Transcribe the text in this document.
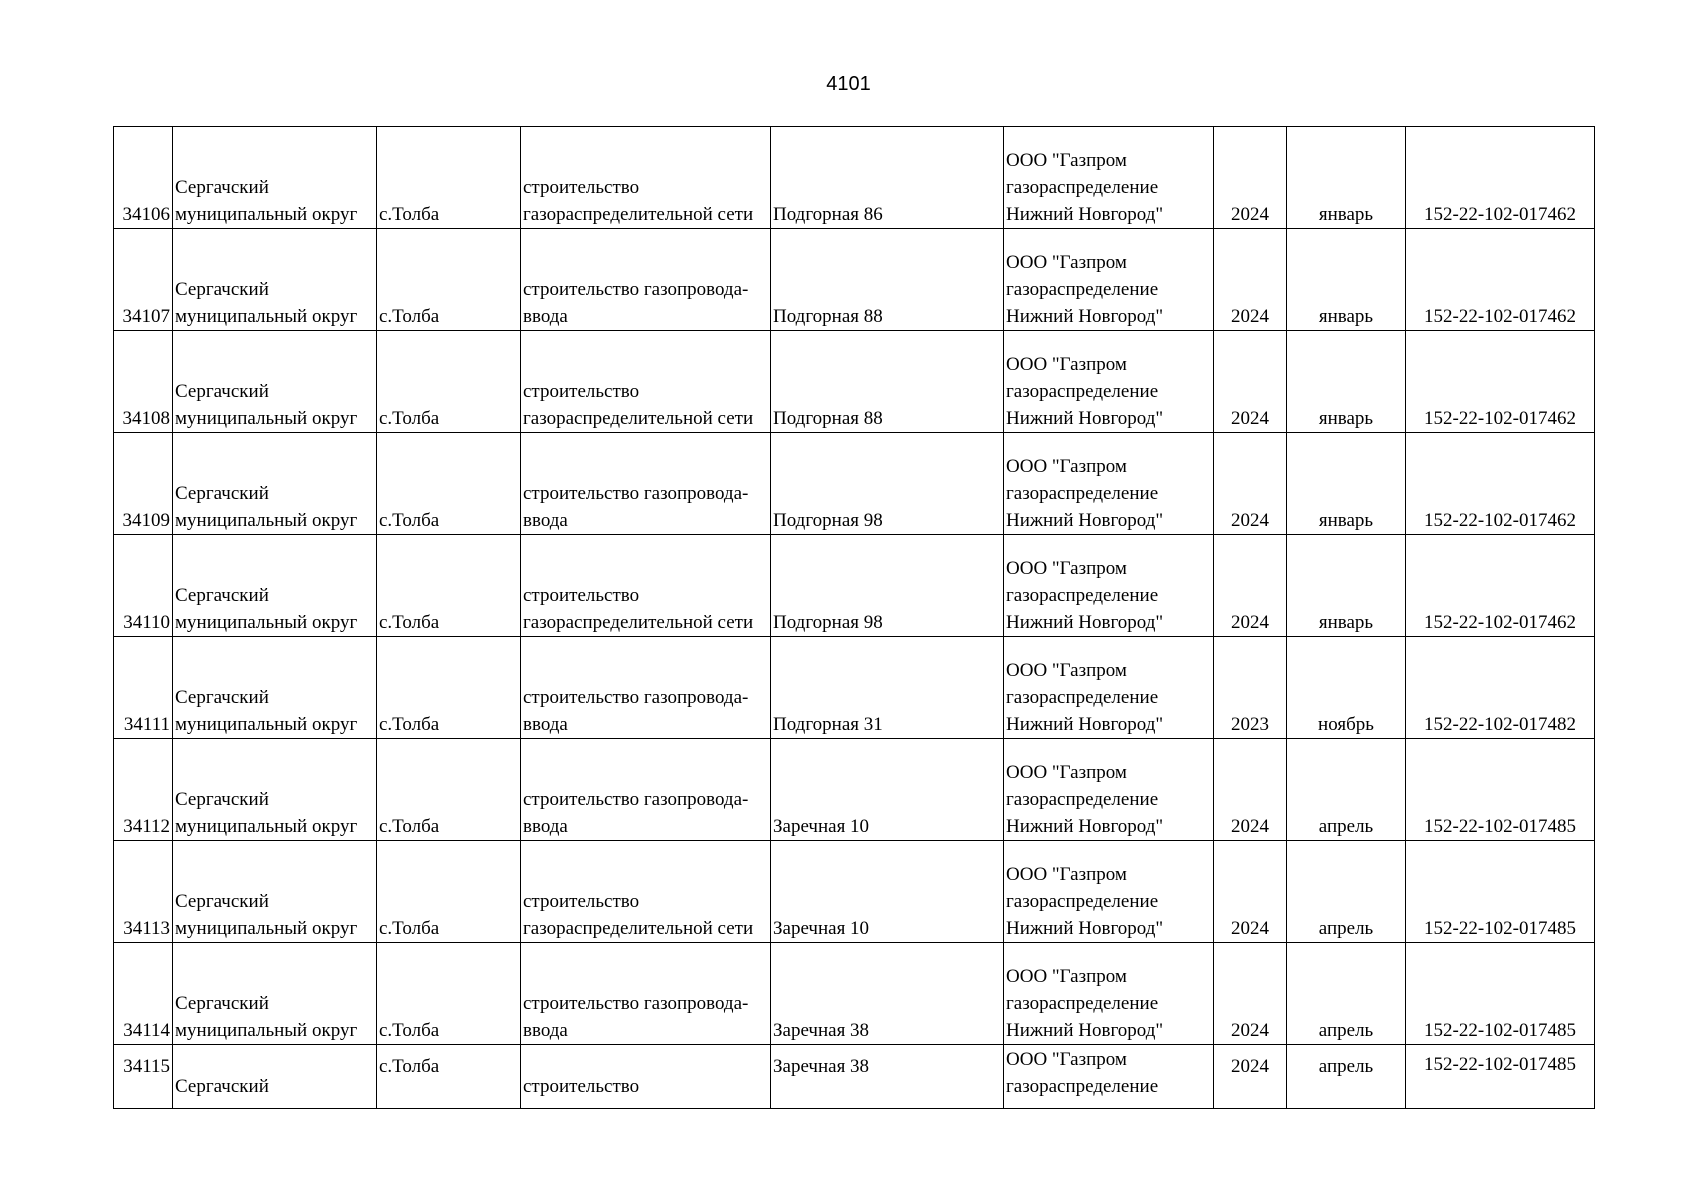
4101
34106	Сергачский
муниципальный округ	с.Толба	строительство
газораспределительной сети	Подгорная 86	ООО "Газпром
газораспределение
Нижний Новгород"	2024	январь	152-22-102-017462

34107	Сергачский
муниципальный округ	с.Толба	строительство газопровода-
ввода	Подгорная 88	ООО "Газпром
газораспределение
Нижний Новгород"	2024	январь	152-22-102-017462

34108	Сергачский
муниципальный округ	с.Толба	строительство
газораспределительной сети	Подгорная 88	ООО "Газпром
газораспределение
Нижний Новгород"	2024	январь	152-22-102-017462

34109	Сергачский
муниципальный округ	с.Толба	строительство газопровода-
ввода	Подгорная 98	ООО "Газпром
газораспределение
Нижний Новгород"	2024	январь	152-22-102-017462

34110	Сергачский
муниципальный округ	с.Толба	строительство
газораспределительной сети	Подгорная 98	ООО "Газпром
газораспределение
Нижний Новгород"	2024	январь	152-22-102-017462

34111	Сергачский
муниципальный округ	с.Толба	строительство газопровода-
ввода	Подгорная 31	ООО "Газпром
газораспределение
Нижний Новгород"	2023	ноябрь	152-22-102-017482

34112	Сергачский
муниципальный округ	с.Толба	строительство газопровода-
ввода	Заречная 10	ООО "Газпром
газораспределение
Нижний Новгород"	2024	апрель	152-22-102-017485

34113	Сергачский
муниципальный округ	с.Толба	строительство
газораспределительной сети	Заречная 10	ООО "Газпром
газораспределение
Нижний Новгород"	2024	апрель	152-22-102-017485

34114	Сергачский
муниципальный округ	с.Толба	строительство газопровода-
ввода	Заречная 38	ООО "Газпром
газораспределение
Нижний Новгород"	2024	апрель	152-22-102-017485

34115	Сергачский	с.Толба	строительство	Заречная 38	ООО "Газпром
газораспределение	2024	апрель	152-22-102-017485
